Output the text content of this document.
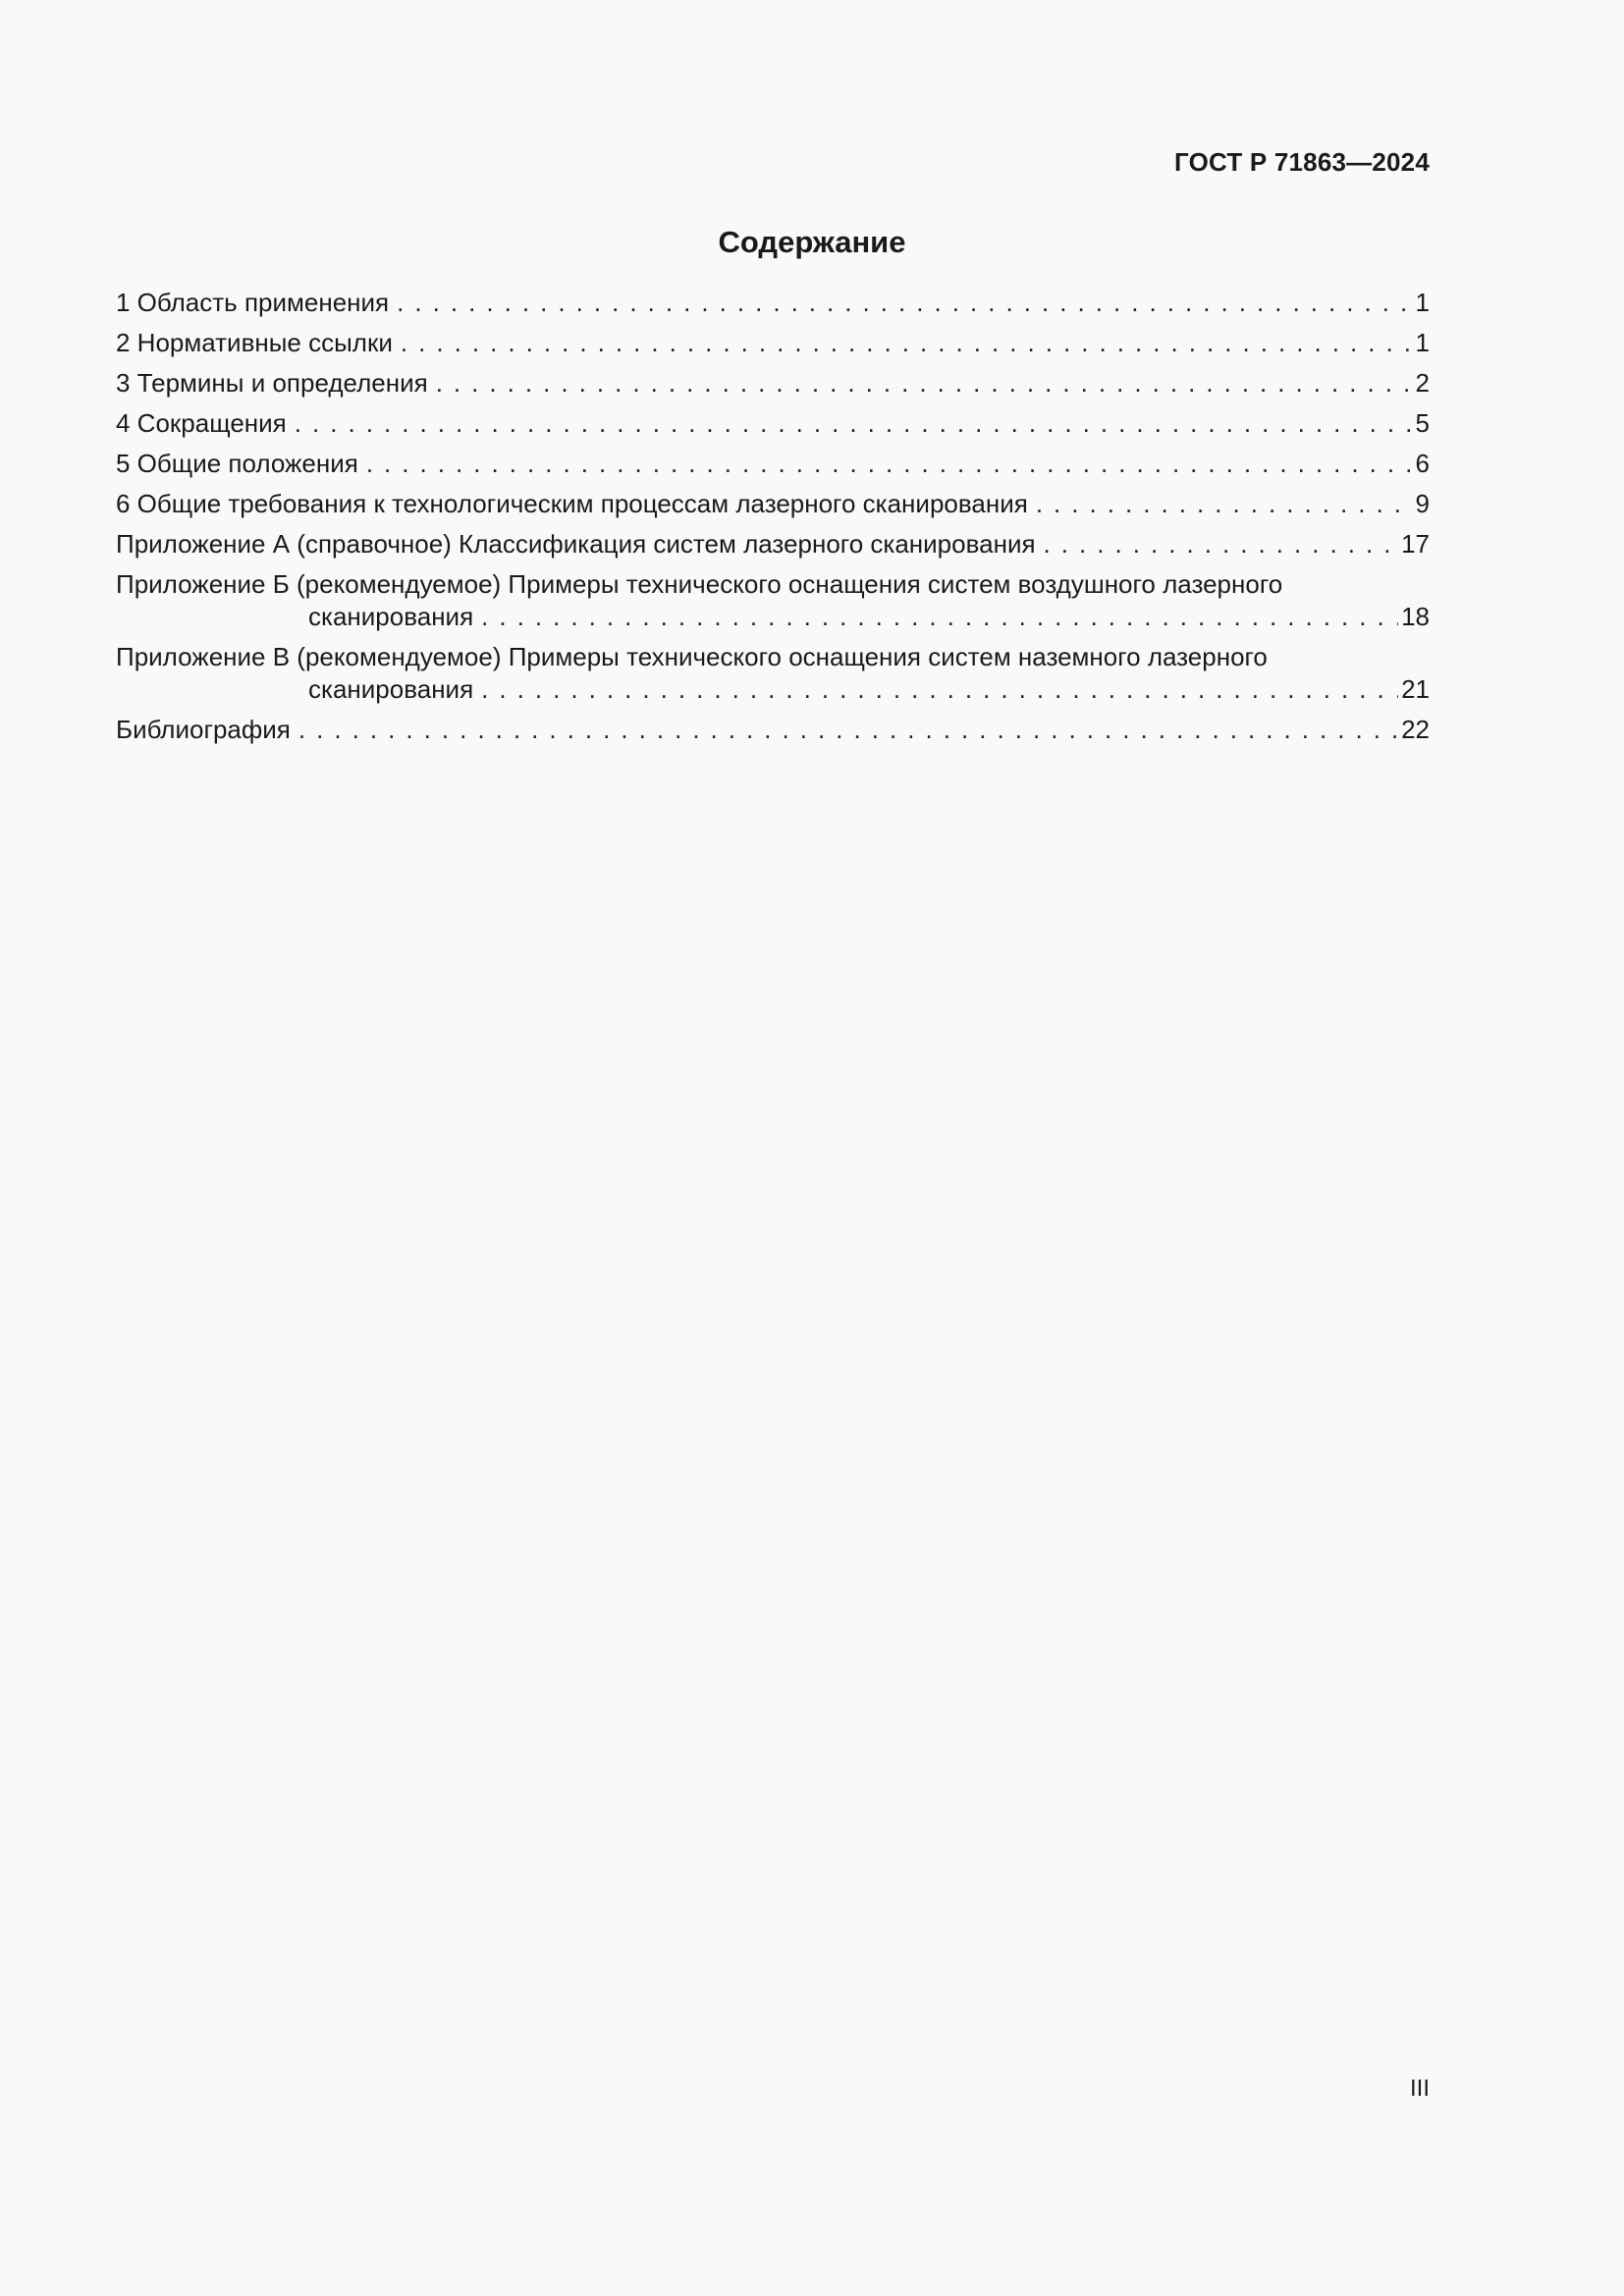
ГОСТ Р 71863—2024
Содержание
1 Область применения . . .	1
2 Нормативные ссылки . . .	1
3 Термины и определения . . .	2
4 Сокращения . . .	5
5 Общие положения . . .	6
6 Общие требования к технологическим процессам лазерного сканирования . . .	9
Приложение А (справочное) Классификация систем лазерного сканирования . . .	17
Приложение Б (рекомендуемое) Примеры технического оснащения систем воздушного лазерного
сканирования . . .	18
Приложение В (рекомендуемое) Примеры технического оснащения систем наземного лазерного
сканирования . . .	21
Библиография . . .	22
III
